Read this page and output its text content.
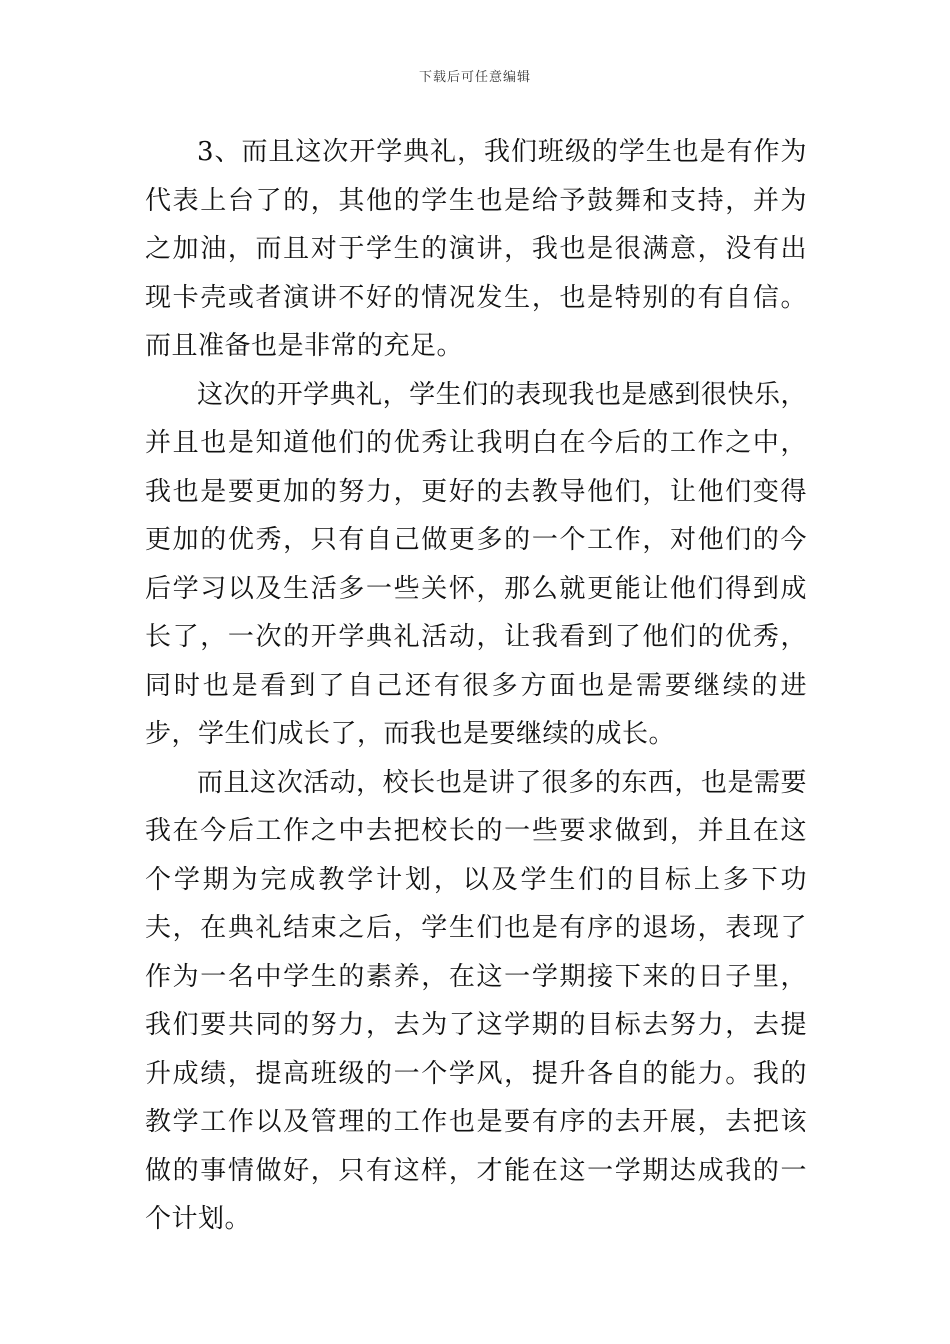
下载后可任意编辑

3、而且这次开学典礼，我们班级的学生也是有作为代表上台了的，其他的学生也是给予鼓舞和支持，并为之加油，而且对于学生的演讲，我也是很满意，没有出现卡壳或者演讲不好的情况发生，也是特别的有自信。而且准备也是非常的充足。

这次的开学典礼，学生们的表现我也是感到很快乐，并且也是知道他们的优秀让我明白在今后的工作之中，我也是要更加的努力，更好的去教导他们，让他们变得更加的优秀，只有自己做更多的一个工作，对他们的今后学习以及生活多一些关怀，那么就更能让他们得到成长了，一次的开学典礼活动，让我看到了他们的优秀，同时也是看到了自己还有很多方面也是需要继续的进步，学生们成长了，而我也是要继续的成长。

而且这次活动，校长也是讲了很多的东西，也是需要我在今后工作之中去把校长的一些要求做到，并且在这个学期为完成教学计划，以及学生们的目标上多下功夫，在典礼结束之后，学生们也是有序的退场，表现了作为一名中学生的素养，在这一学期接下来的日子里，我们要共同的努力，去为了这学期的目标去努力，去提升成绩，提高班级的一个学风，提升各自的能力。我的教学工作以及管理的工作也是要有序的去开展，去把该做的事情做好，只有这样，才能在这一学期达成我的一个计划。
